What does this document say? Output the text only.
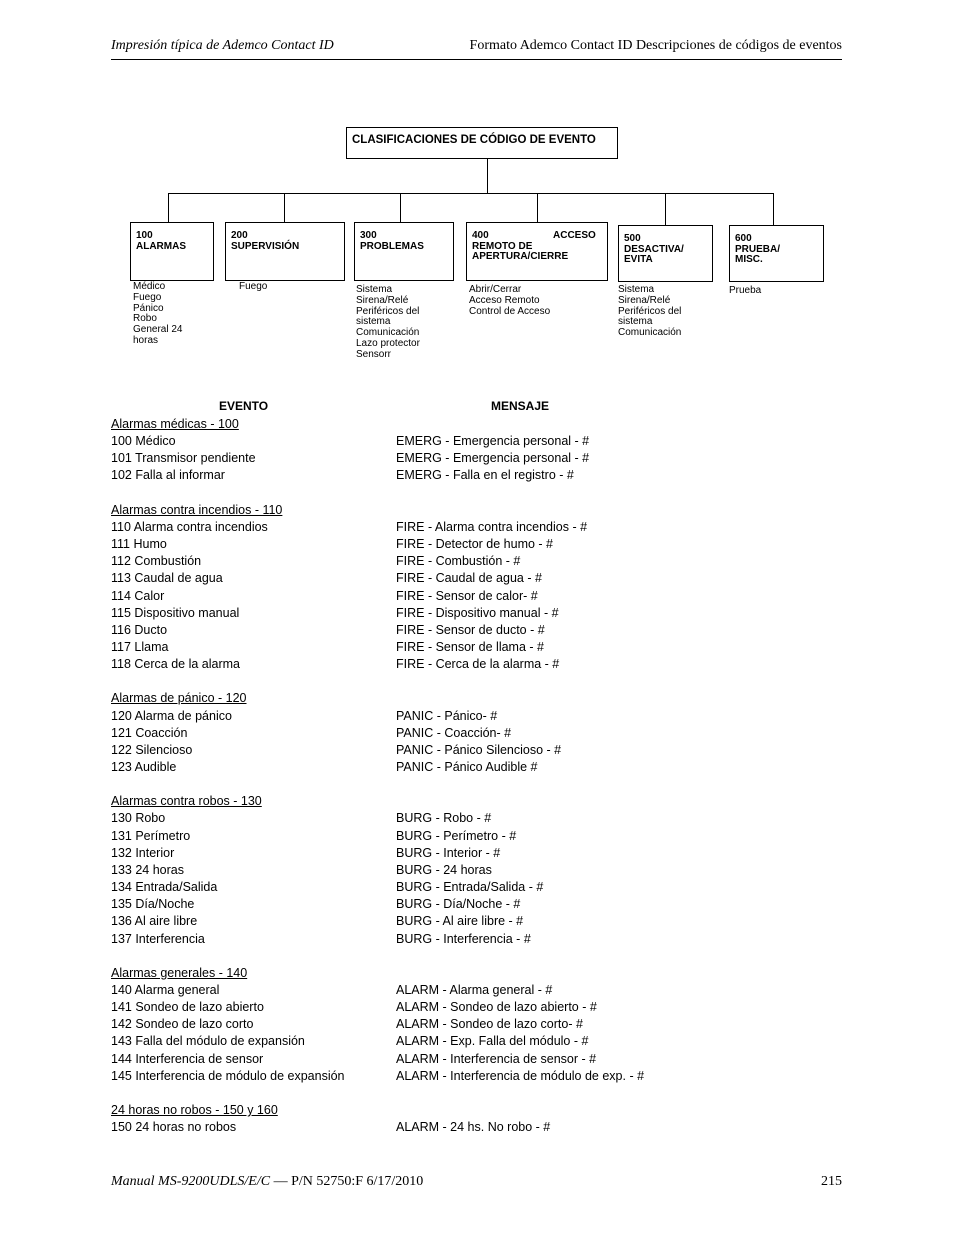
Impresión típica de Ademco Contact ID	Formato Ademco Contact ID Descripciones de códigos de eventos
CLASIFICACIONES DE CÓDIGO DE EVENTO
100
ALARMAS
200
SUPERVISIÓN
300
PROBLEMAS
400	ACCESO
REMOTO DE
APERTURA/CIERRE
500
DESACTIVA/
EVITA
600
PRUEBA/
MISC.
Médico
Fuego
Pánico
Robo
General 24
horas
Fuego	Sistema
Sirena/Relé
Periféricos del
sistema
Comunicación
Lazo protector
Sensorr
Abrir/Cerrar
Acceso Remoto
Control de Acceso
Sistema
Sirena/Relé
Periféricos del
sistema
Comunicación
Prueba
EVENTO	MENSAJE
Alarmas médicas - 100
100 Médico	EMERG - Emergencia personal - #
101 Transmisor pendiente	EMERG - Emergencia personal - #
102 Falla al informar	EMERG - Falla en el registro - #
Alarmas contra incendios - 110
110 Alarma contra incendios	FIRE - Alarma contra incendios - #
111 Humo	FIRE - Detector de humo - #
112 Combustión	FIRE - Combustión - #
113 Caudal de agua	FIRE - Caudal de agua - #
114 Calor	FIRE - Sensor de calor- #
115 Dispositivo manual	FIRE - Dispositivo manual - #
116 Ducto	FIRE - Sensor de ducto - #
117 Llama	FIRE - Sensor de llama - #
118 Cerca de la alarma	FIRE - Cerca de la alarma - #
Alarmas de pánico - 120
120 Alarma de pánico	PANIC - Pánico- #
121 Coacción	PANIC - Coacción- #
122 Silencioso	PANIC - Pánico Silencioso - #
123 Audible	PANIC - Pánico Audible #
Alarmas contra robos - 130
130 Robo	BURG - Robo - #
131 Perímetro	BURG - Perímetro - #
132 Interior	BURG - Interior - #
133 24 horas	BURG - 24 horas
134 Entrada/Salida	BURG - Entrada/Salida - #
135 Día/Noche	BURG - Día/Noche - #
136 Al aire libre	BURG - Al aire libre - #
137 Interferencia	BURG - Interferencia - #
Alarmas generales - 140
140 Alarma general	ALARM - Alarma general - #
141 Sondeo de lazo abierto	ALARM - Sondeo de lazo abierto - #
142 Sondeo de lazo corto	ALARM - Sondeo de lazo corto- #
143 Falla del módulo de expansión	ALARM - Exp. Falla del módulo - #
144 Interferencia de sensor	ALARM - Interferencia de sensor - #
145 Interferencia de módulo de expansión	ALARM - Interferencia de módulo de exp. - #
24 horas no robos - 150 y 160
150 24 horas no robos	ALARM - 24 hs. No robo - #
Manual MS-9200UDLS/E/C — P/N 52750:F 6/17/2010	215
